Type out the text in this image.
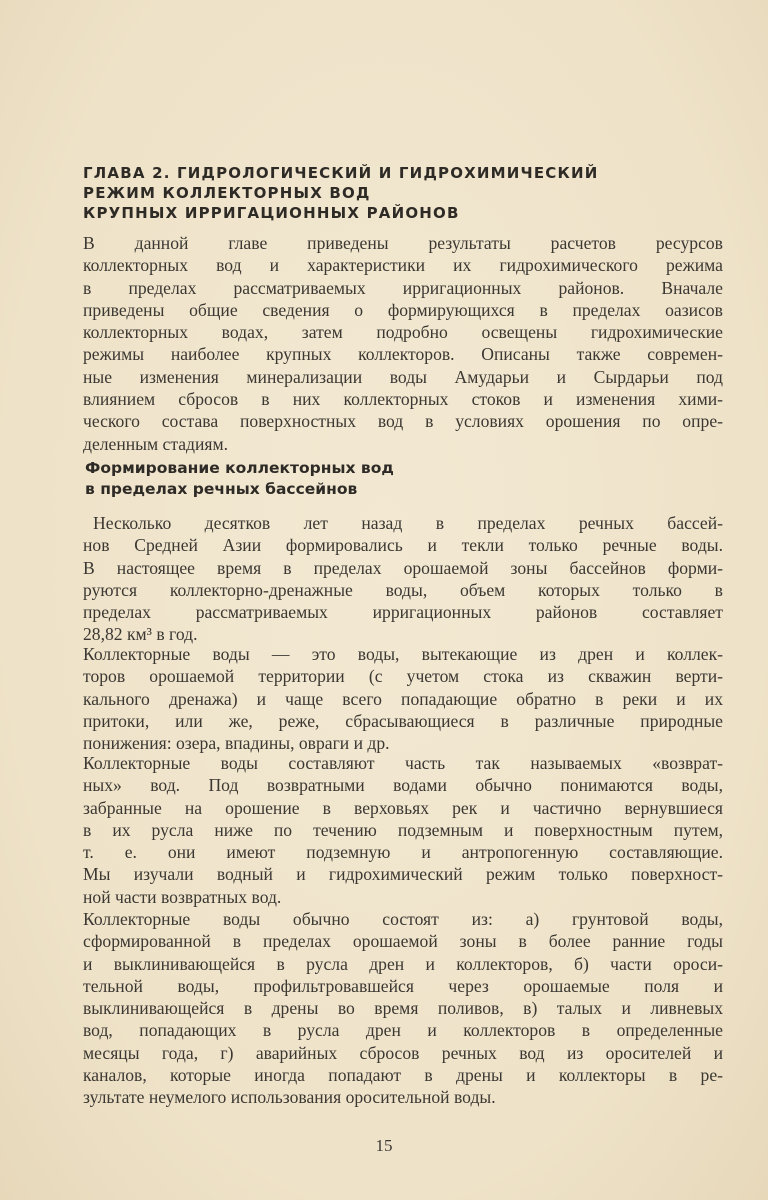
ГЛАВА 2. ГИДРОЛОГИЧЕСКИЙ И ГИДРОХИМИЧЕСКИЙ

РЕЖИМ КОЛЛЕКТОРНЫХ ВОД

КРУПНЫХ ИРРИГАЦИОННЫХ РАЙОНОВ

В данной главе приведены результаты расчетов ресурсов
коллекторных вод и характеристики их гидрохимического режима
в пределах рассматриваемых ирригационных районов. Вначале
приведены общие сведения о формирующихся в пределах оазисов
коллекторных водах, затем подробно освещены гидрохимические
режимы наиболее крупных коллекторов. Описаны также современ-
ные изменения минерализации воды Амударьи и Сырдарьи под
влиянием сбросов в них коллекторных стоков и изменения хими-
ческого состава поверхностных вод в условиях орошения по опре-
деленным стадиям.

Формирование коллекторных вод

в пределах речных бассейнов

Несколько десятков лет назад в пределах речных бассей-
нов Средней Азии формировались и текли только речные воды.
В настоящее время в пределах орошаемой зоны бассейнов форми-
руются коллекторно-дренажные воды, объем которых только в
пределах рассматриваемых ирригационных районов составляет
28,82 км³ в год.
Коллекторные воды — это воды, вытекающие из дрен и коллек-
торов орошаемой территории (с учетом стока из скважин верти-
кального дренажа) и чаще всего попадающие обратно в реки и их
притоки, или же, реже, сбрасывающиеся в различные природные
понижения: озера, впадины, овраги и др.
Коллекторные воды составляют часть так называемых «возврат-
ных» вод. Под возвратными водами обычно понимаются воды,
забранные на орошение в верховьях рек и частично вернувшиеся
в их русла ниже по течению подземным и поверхностным путем,
т. е. они имеют подземную и антропогенную составляющие.
Мы изучали водный и гидрохимический режим только поверхност-
ной части возвратных вод.
Коллекторные воды обычно состоят из: а) грунтовой воды,
сформированной в пределах орошаемой зоны в более ранние годы
и выклинивающейся в русла дрен и коллекторов, б) части ороси-
тельной воды, профильтровавшейся через орошаемые поля и
выклинивающейся в дрены во время поливов, в) талых и ливневых
вод, попадающих в русла дрен и коллекторов в определенные
месяцы года, г) аварийных сбросов речных вод из оросителей и
каналов, которые иногда попадают в дрены и коллекторы в ре-
зультате неумелого использования оросительной воды.
15
